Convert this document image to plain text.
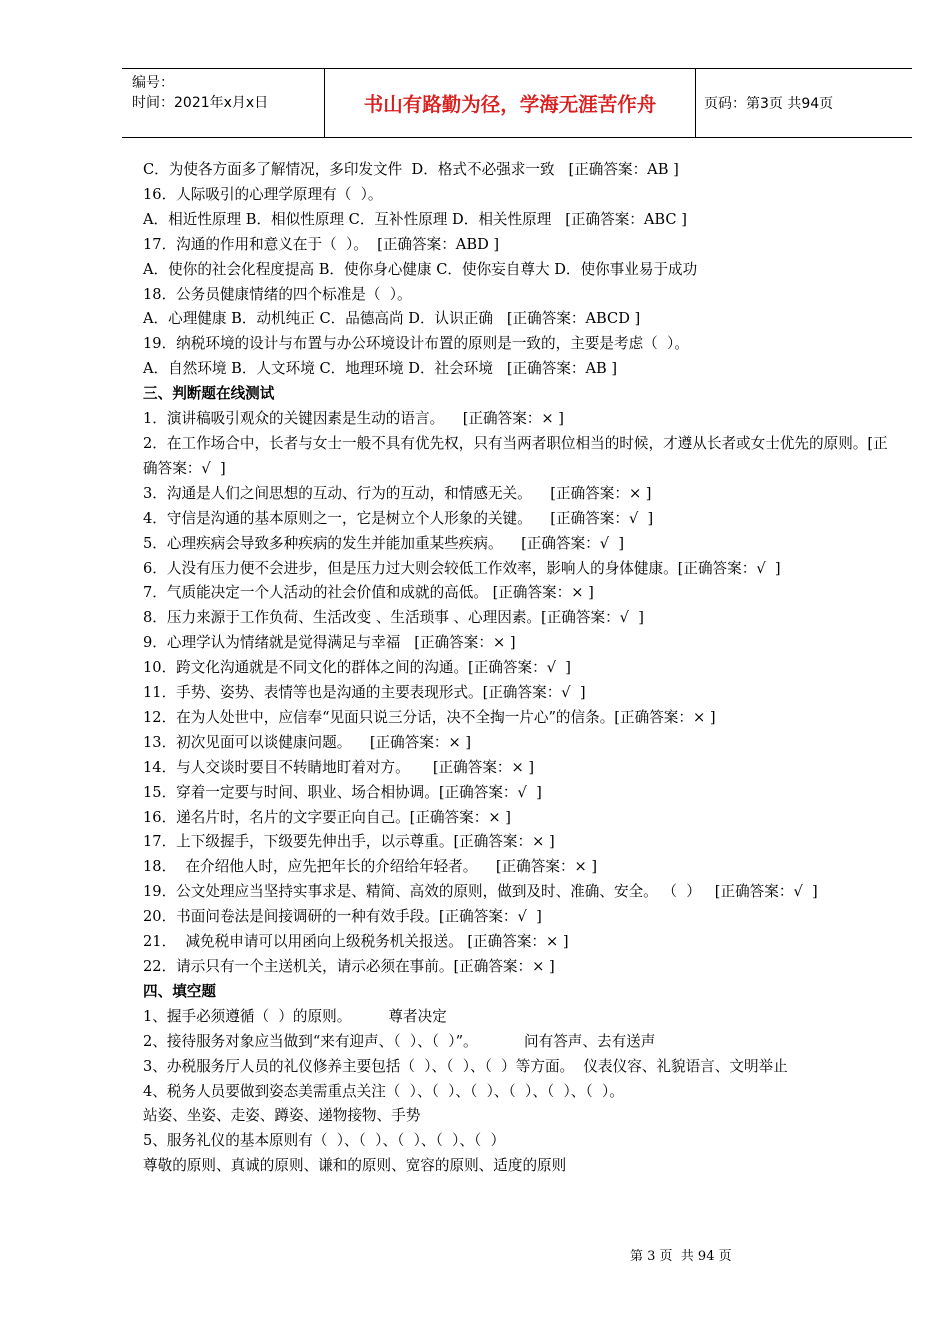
编号：
时间：2021年x月x日	书山有路勤为径，学海无涯苦作舟	页码：第3页 共94页
C．为使各方面多了解情况，多印发文件  D．格式不必强求一致   [正确答案：AB ]
16．人际吸引的心理学原理有（  ）。
A．相近性原理 B．相似性原理 C．互补性原理 D．相关性原理   [正确答案：ABC ]
17．沟通的作用和意义在于（  ）。  [正确答案：ABD ]
A．使你的社会化程度提高 B．使你身心健康 C．使你妄自尊大 D．使你事业易于成功
18．公务员健康情绪的四个标准是（  ）。
A．心理健康 B．动机纯正 C．品德高尚 D．认识正确   [正确答案：ABCD ]
19．纳税环境的设计与布置与办公环境设计布置的原则是一致的，主要是考虑（  ）。
A．自然环境 B．人文环境 C．地理环境 D．社会环境   [正确答案：AB ]
三、判断题在线测试
1．演讲稿吸引观众的关键因素是生动的语言。    [正确答案：× ]
2．在工作场合中，长者与女士一般不具有优先权，只有当两者职位相当的时候，才遵从长者或女士优先的原则。[正确答案：√  ]
3．沟通是人们之间思想的互动、行为的互动，和情感无关。    [正确答案：× ]
4．守信是沟通的基本原则之一，它是树立个人形象的关键。    [正确答案：√  ]
5．心理疾病会导致多种疾病的发生并能加重某些疾病。    [正确答案：√  ]
6．人没有压力便不会进步，但是压力过大则会较低工作效率，影响人的身体健康。[正确答案：√  ]
7．气质能决定一个人活动的社会价值和成就的高低。 [正确答案：× ]
8．压力来源于工作负荷、生活改变 、生活琐事 、心理因素。[正确答案：√  ]
9．心理学认为情绪就是觉得满足与幸福   [正确答案：× ]
10．跨文化沟通就是不同文化的群体之间的沟通。[正确答案：√  ]
11．手势、姿势、表情等也是沟通的主要表现形式。[正确答案：√  ]
12．在为人处世中，应信奉“见面只说三分话，决不全掏一片心”的信条。[正确答案：× ]
13．初次见面可以谈健康问题。    [正确答案：× ]
14．与人交谈时要目不转睛地盯着对方。     [正确答案：× ]
15．穿着一定要与时间、职业、场合相协调。[正确答案：√  ]
16．递名片时，名片的文字要正向自己。[正确答案：× ]
17．上下级握手，下级要先伸出手，以示尊重。[正确答案：× ]
18．  在介绍他人时，应先把年长的介绍给年轻者。    [正确答案：× ]
19．公文处理应当坚持实事求是、精简、高效的原则，做到及时、准确、安全。 （  ）   [正确答案：√  ]
20．书面问卷法是间接调研的一种有效手段。[正确答案：√  ]
21．  减免税申请可以用函向上级税务机关报送。 [正确答案：× ]
22．请示只有一个主送机关，请示必须在事前。[正确答案：× ]
四、填空题
1、握手必须遵循（  ）的原则。        尊者决定
2、接待服务对象应当做到“来有迎声、（  ）、（  ）”。          问有答声、去有送声
3、办税服务厅人员的礼仪修养主要包括（  ）、（  ）、（  ）等方面。  仪表仪容、礼貌语言、文明举止
4、税务人员要做到姿态美需重点关注（  ）、（  ）、（  ）、（  ）、（  ）、（  ）。
站姿、坐姿、走姿、蹲姿、递物接物、手势
5、服务礼仪的基本原则有（  ）、（  ）、（  ）、（  ）、（  ）
尊敬的原则、真诚的原则、谦和的原则、宽容的原则、适度的原则
第 3 页  共 94 页
